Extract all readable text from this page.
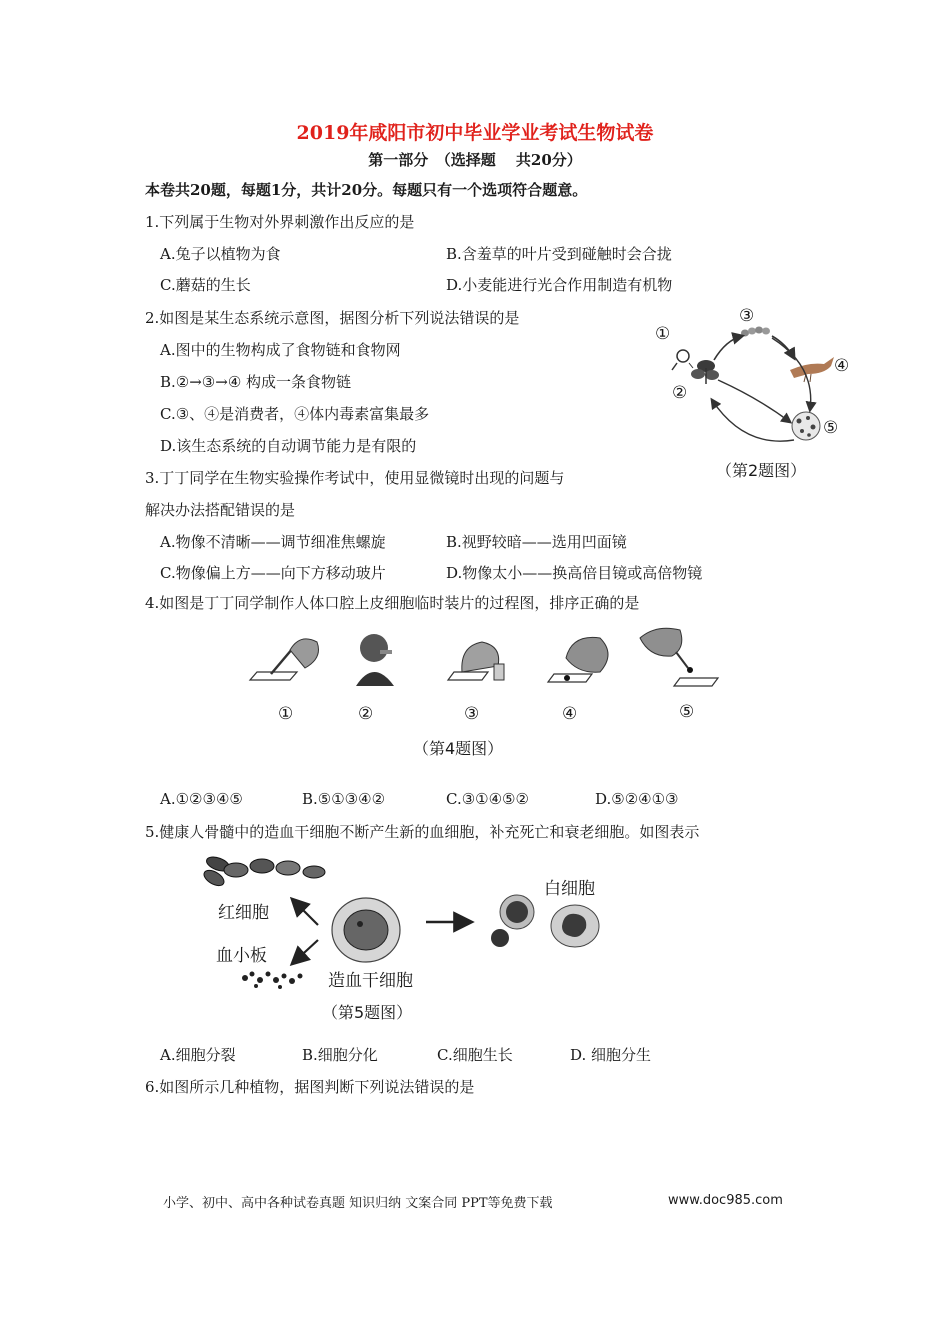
2019年咸阳市初中毕业学业考试生物试卷
第一部分　（选择题　 共20分）
本卷共20题，每题1分，共计20分。每题只有一个选项符合题意。
1.下列属于生物对外界刺激作出反应的是
A.兔子以植物为食	B.含羞草的叶片受到碰触时会合拢
C.蘑菇的生长	D.小麦能进行光合作用制造有机物
2.如图是某生态系统示意图，据图分析下列说法错误的是
A.图中的生物构成了食物链和食物网
B.②→③→④ 构成一条食物链
C.③、④是消费者，④体内毒素富集最多
D.该生态系统的自动调节能力是有限的
①
③
④
②
⑤
（第2题图）
3.丁丁同学在生物实验操作考试中，使用显微镜时出现的问题与
解决办法搭配错误的是
A.物像不清晰——调节细准焦螺旋	B.视野较暗——选用凹面镜
C.物像偏上方——向下方移动玻片	D.物像太小——换高倍目镜或高倍物镜
4.如图是丁丁同学制作人体口腔上皮细胞临时装片的过程图，排序正确的是
①	②	③	④	⑤
（第4题图）
A.①②③④⑤	B.⑤①③④②	C.③①④⑤②	D.⑤②④①③
5.健康人骨髓中的造血干细胞不断产生新的血细胞，补充死亡和衰老细胞。如图表示
红细胞
血小板
白细胞
造血干细胞
（第5题图）
A.细胞分裂	B.细胞分化	C.细胞生长	D. 细胞分生
6.如图所示几种植物，据图判断下列说法错误的是
小学、初中、高中各种试卷真题 知识归纳 文案合同 PPT等免费下载	www.doc985.com
